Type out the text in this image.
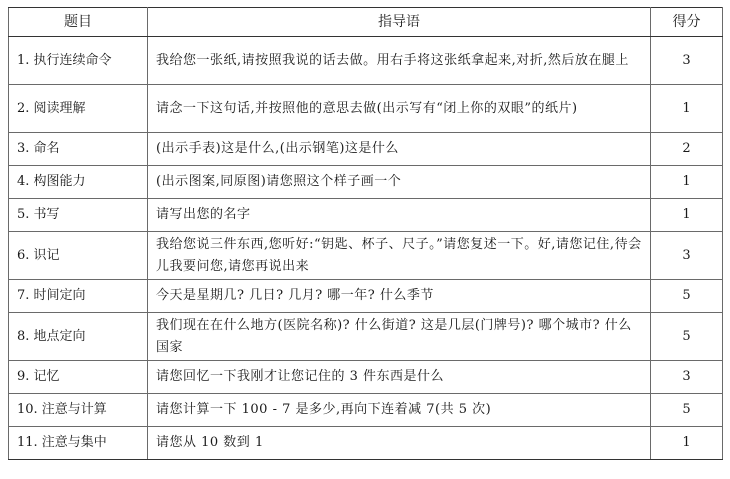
题目	指导语	得分
1. 执行连续命令	我给您一张纸,请按照我说的话去做。用右手将这张纸拿起来,对折,然后放在腿上	3
2. 阅读理解	请念一下这句话,并按照他的意思去做(出示写有“闭上你的双眼”的纸片)	1
3. 命名	(出示手表)这是什么,(出示钢笔)这是什么	2
4. 构图能力	(出示图案,同原图)请您照这个样子画一个	1
5. 书写	请写出您的名字	1
6. 识记	我给您说三件东西,您听好:“钥匙、杯子、尺子。”请您复述一下。好,请您记住,待会儿我要问您,请您再说出来	3
7. 时间定向	今天是星期几? 几日? 几月? 哪一年? 什么季节	5
8. 地点定向	我们现在在什么地方(医院名称)? 什么街道? 这是几层(门牌号)? 哪个城市? 什么国家	5
9. 记忆	请您回忆一下我刚才让您记住的 3 件东西是什么	3
10. 注意与计算	请您计算一下 100 - 7 是多少,再向下连着减 7(共 5 次)	5
11. 注意与集中	请您从 10 数到 1	1
